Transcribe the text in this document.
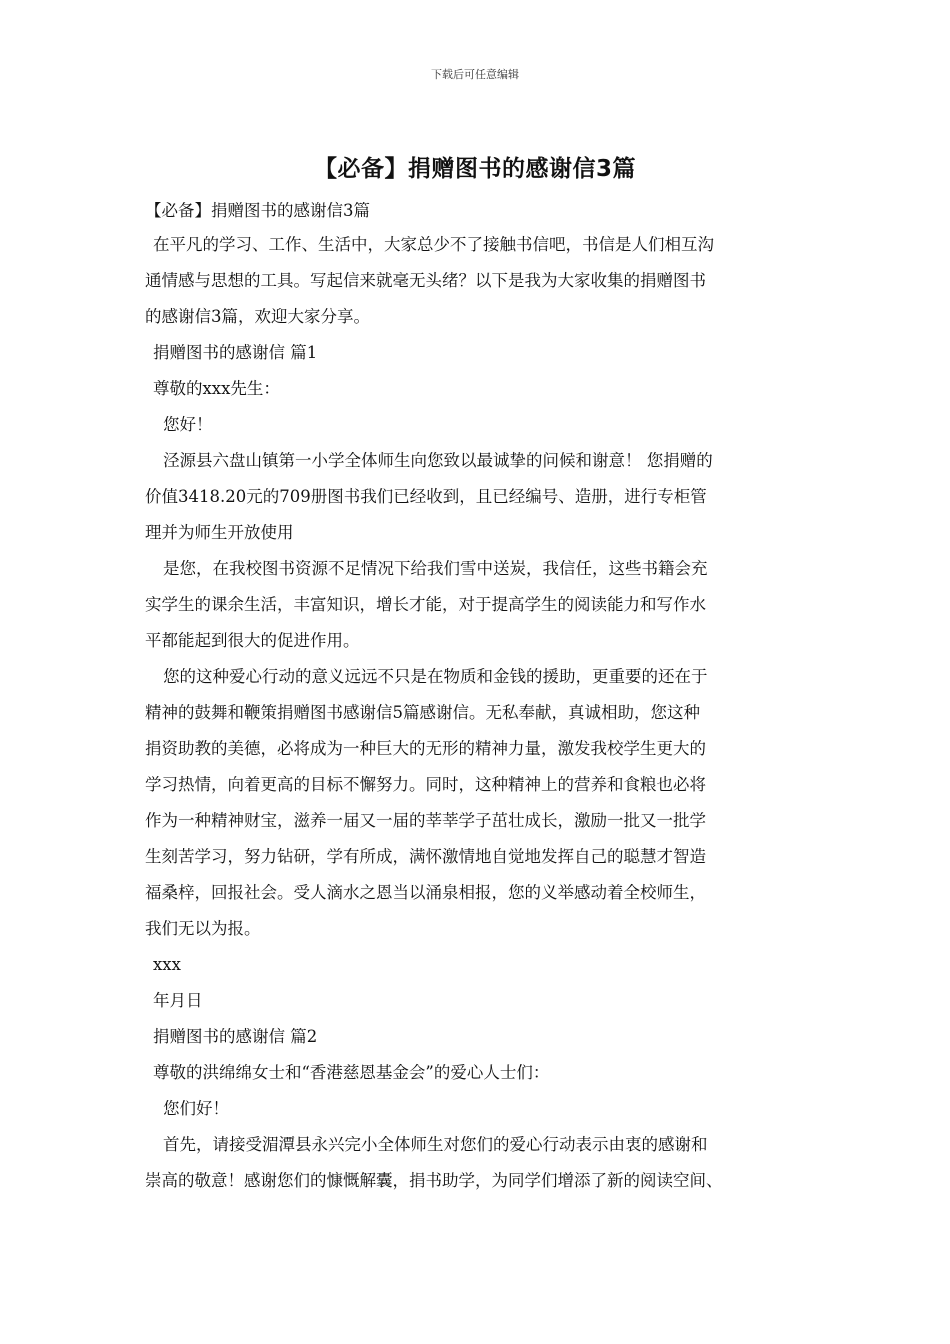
下载后可任意编辑
【必备】捐赠图书的感谢信3篇

【必备】捐赠图书的感谢信3篇

在平凡的学习、工作、生活中，大家总少不了接触书信吧，书信是人们相互沟

通情感与思想的工具。写起信来就毫无头绪？以下是我为大家收集的捐赠图书

的感谢信3篇，欢迎大家分享。

捐赠图书的感谢信 篇1

尊敬的xxx先生：

您好！

泾源县六盘山镇第一小学全体师生向您致以最诚挚的问候和谢意！ 您捐赠的

价值3418.20元的709册图书我们已经收到，且已经编号、造册，进行专柜管

理并为师生开放使用

是您，在我校图书资源不足情况下给我们雪中送炭，我信任，这些书籍会充

实学生的课余生活，丰富知识，增长才能，对于提高学生的阅读能力和写作水

平都能起到很大的促进作用。

您的这种爱心行动的意义远远不只是在物质和金钱的援助，更重要的还在于

精神的鼓舞和鞭策捐赠图书感谢信5篇感谢信。无私奉献，真诚相助，您这种

捐资助教的美德，必将成为一种巨大的无形的精神力量，激发我校学生更大的

学习热情，向着更高的目标不懈努力。同时，这种精神上的营养和食粮也必将

作为一种精神财宝，滋养一届又一届的莘莘学子茁壮成长，激励一批又一批学

生刻苦学习，努力钻研，学有所成，满怀激情地自觉地发挥自己的聪慧才智造

福桑梓，回报社会。受人滴水之恩当以涌泉相报，您的义举感动着全校师生，

我们无以为报。

xxx

年月日

捐赠图书的感谢信 篇2

尊敬的洪绵绵女士和“香港慈恩基金会”的爱心人士们：

您们好！

首先，请接受湄潭县永兴完小全体师生对您们的爱心行动表示由衷的感谢和

崇高的敬意！感谢您们的慷慨解囊，捐书助学，为同学们增添了新的阅读空间、
